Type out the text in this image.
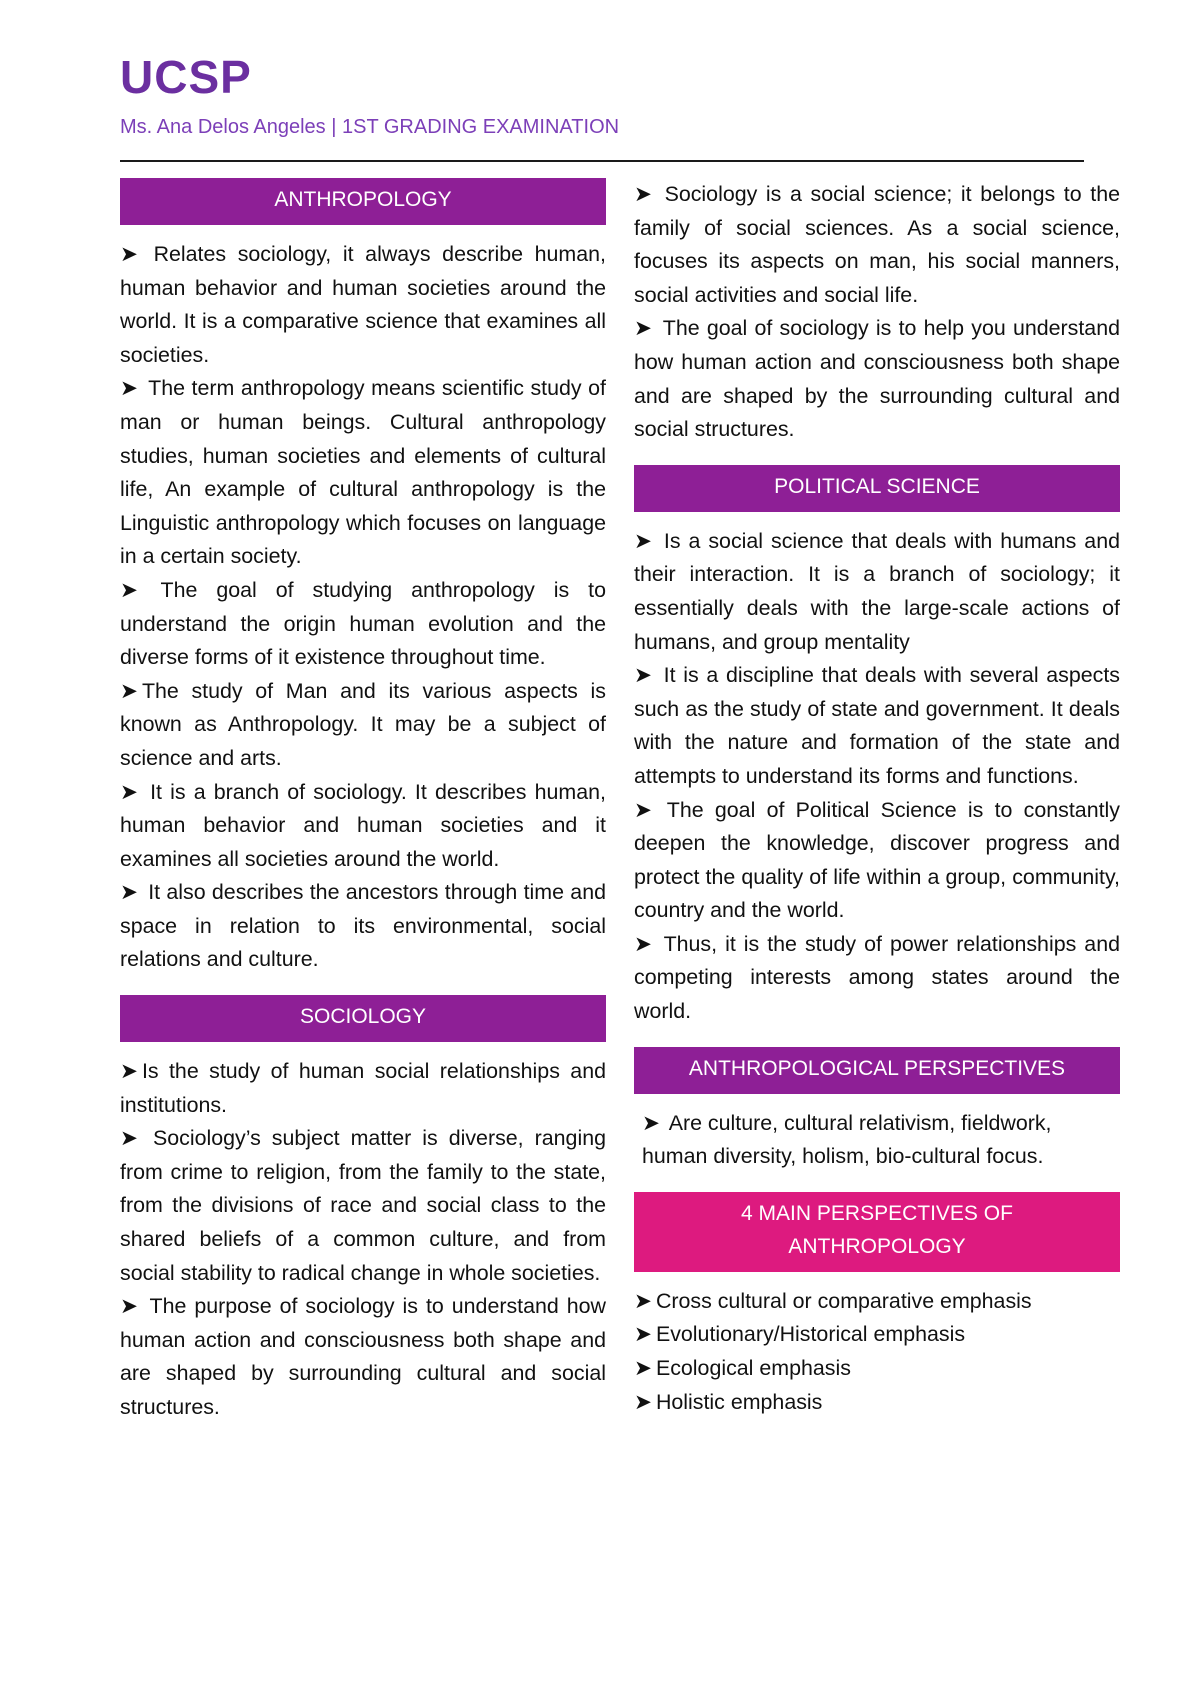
UCSP
Ms. Ana Delos Angeles | 1ST GRADING EXAMINATION
ANTHROPOLOGY

➤ Relates sociology, it always describe human, human behavior and human societies around the world. It is a comparative science that examines all societies.

➤ The term anthropology means scientific study of man or human beings. Cultural anthropology studies, human societies and elements of cultural life, An example of cultural anthropology is the Linguistic anthropology which focuses on language in a certain society.

➤ The goal of studying anthropology is to understand the origin human evolution and the diverse forms of it existence throughout time.

➤ The study of Man and its various aspects is known as Anthropology. It may be a subject of science and arts.

➤ It is a branch of sociology. It describes human, human behavior and human societies and it examines all societies around the world.

➤ It also describes the ancestors through time and space in relation to its environmental, social relations and culture.

SOCIOLOGY

➤ Is the study of human social relationships and institutions.

➤ Sociology’s subject matter is diverse, ranging from crime to religion, from the family to the state, from the divisions of race and social class to the shared beliefs of a common culture, and from social stability to radical change in whole societies.

➤ The purpose of sociology is to understand how human action and consciousness both shape and are shaped by surrounding cultural and social structures.

➤ Sociology is a social science; it belongs to the family of social sciences. As a social science, focuses its aspects on man, his social manners, social activities and social life.

➤ The goal of sociology is to help you understand how human action and consciousness both shape and are shaped by the surrounding cultural and social structures.

POLITICAL SCIENCE

➤ Is a social science that deals with humans and their interaction. It is a branch of sociology; it essentially deals with the large-scale actions of humans, and group mentality

➤ It is a discipline that deals with several aspects such as the study of state and government. It deals with the nature and formation of the state and attempts to understand its forms and functions.

➤ The goal of Political Science is to constantly deepen the knowledge, discover progress and protect the quality of life within a group, community, country and the world.

➤ Thus, it is the study of power relationships and competing interests among states around the world.

ANTHROPOLOGICAL PERSPECTIVES

➤ Are culture, cultural relativism, fieldwork, human diversity, holism, bio-cultural focus.

4 MAIN PERSPECTIVES OF
ANTHROPOLOGY

➤ Cross cultural or comparative emphasis

➤ Evolutionary/Historical emphasis

➤ Ecological emphasis

➤ Holistic emphasis
